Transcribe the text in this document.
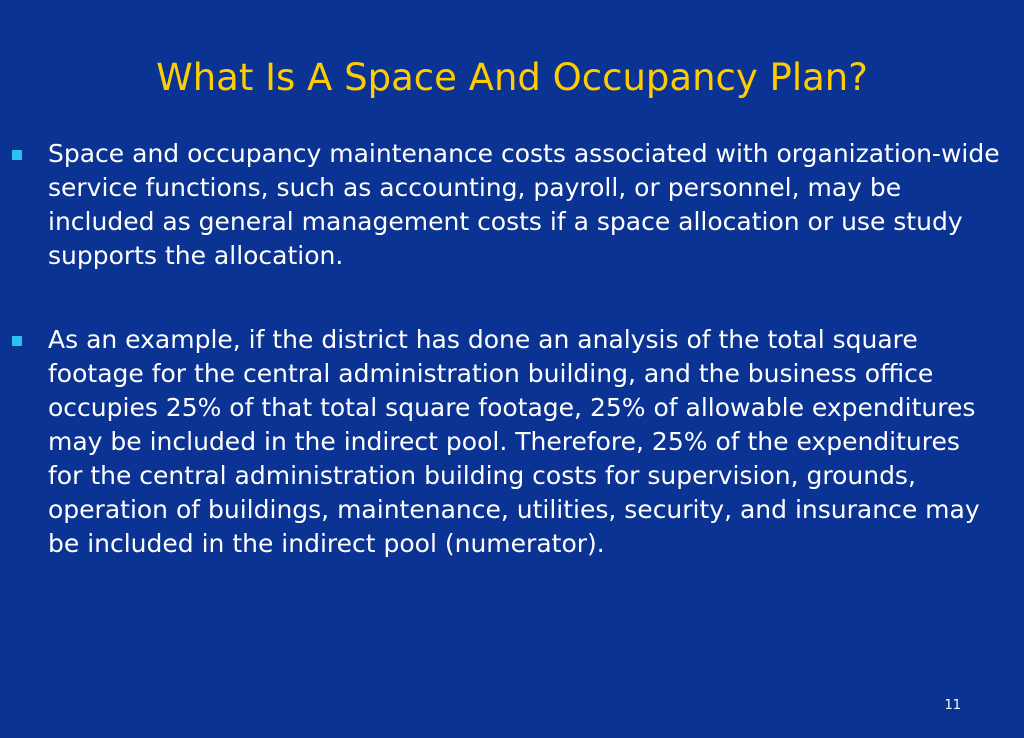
What Is A Space And Occupancy Plan?
Space and occupancy maintenance costs associated with organization-wide service functions, such as accounting, payroll, or personnel, may be included as general management costs if a space allocation or use study supports the allocation.
As an example, if the district has done an analysis of the total square footage for the central administration building, and the business office occupies 25% of that total square footage, 25% of allowable expenditures may be included in the indirect pool. Therefore, 25% of the expenditures for the central administration building costs for supervision, grounds, operation of buildings, maintenance, utilities, security, and insurance may be included in the indirect pool (numerator).
11
